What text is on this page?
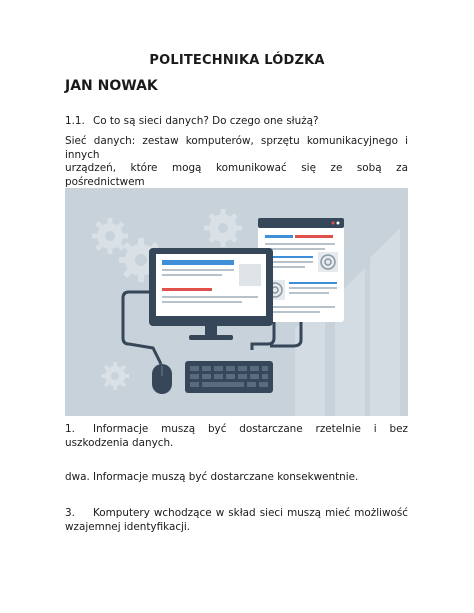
POLITECHNIKA LÓDZKA
JAN NOWAK
1.1. Co to są sieci danych? Do czego one służą?
Sieć danych: zestaw komputerów, sprzętu komunikacyjnego i innych
urządzeń, które mogą komunikować się ze sobą za pośrednictwem
1. Informacje muszą być dostarczane rzetelnie i bez uszkodzenia danych.
dwa. Informacje muszą być dostarczane konsekwentnie.
3. Komputery wchodzące w skład sieci muszą mieć możliwość wzajemnej identyfikacji.
